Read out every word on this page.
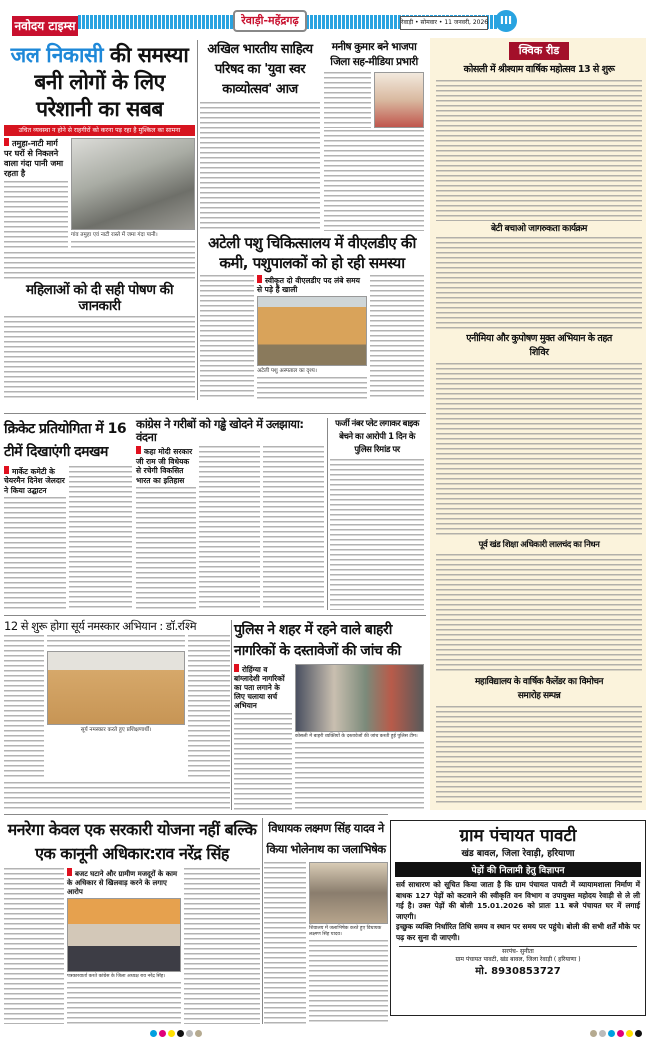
नवोदय टाइम्स	रेवाड़ी-महेंद्रगढ़	रेवाड़ी • सोमवार • 11 जनवरी, 2026	III
जल निकासी की समस्या बनी लोगों के लिए परेशानी का सबब
उचित व्यवस्था न होने से राहगीरों को करना पड़ रहा है मुश्किल का सामना
तमुहा-नाटी मार्ग पर घरों से निकलने वाला गंदा पानी जमा रहता है
गांव तमुहा एवं नाटी रास्ते में जमा गंदा पानी।
महिलाओं को दी सही पोषण की जानकारी
अखिल भारतीय साहित्य परिषद का 'युवा स्वर काव्योत्सव' आज
मनीष कुमार बने भाजपा जिला सह-मीडिया प्रभारी
अटेली पशु चिकित्सालय में वीएलडीए की कमी, पशुपालकों को हो रही समस्या
स्वीकृत दो वीएलडीए पद लंबे समय से पड़े हैं खाली
अटेली पशु अस्पताल का दृश्य।
क्रिकेट प्रतियोगिता में 16 टीमें दिखाएंगी दमखम
मार्केट कमेटी के चेयरमैन दिनेश जेलदार ने किया उद्घाटन
कांग्रेस ने गरीबों को गड्ढे खोदने में उलझाया: वंदना
कहा मोदी सरकार जी राम जी विधेयक से रचेगी विकसित भारत का इतिहास
फर्जी नंबर प्लेट लगाकर बाइक बेचने का आरोपी 1 दिन के पुलिस रिमांड पर
12 से शुरू होगा सूर्य नमस्कार अभियान : डॉ.रश्मि
सूर्य नमस्कार करते हुए प्रशिक्षणार्थी।
पुलिस ने शहर में रहने वाले बाहरी नागरिकों के दस्तावेजों की जांच की
रोहिंग्या व बांग्लादेशी नागरिकों का पता लगाने के लिए चलाया सर्च अभियान
कोसली में बाहरी व्यक्तियों के दस्तावेजों की जांच करती हुई पुलिस टीम।
मनरेगा केवल एक सरकारी योजना नहीं बल्कि एक कानूनी अधिकार:राव नरेंद्र सिंह
बजट घटाने और ग्रामीण मजदूरों के काम के अधिकार से खिलवाड़ करने के लगाए आरोप
पत्रकारवार्ता करते कांग्रेस के जिला अध्यक्ष राव नरेंद्र सिंह।
विधायक लक्ष्मण सिंह यादव ने किया भोलेनाथ का जलाभिषेक
शिवालय में जलाभिषेक करते हुए विधायक लक्ष्मण सिंह यादव।
क्विक रीड
कोसली में श्रीश्याम वार्षिक महोत्सव 13 से शुरू
बेटी बचाओ जागरुकता कार्यक्रम
एनीमिया और कुपोषण मुक्त अभियान के तहत शिविर
पूर्व खंड शिक्षा अधिकारी लालचंद का निधन
महाविद्यालय के वार्षिक कैलेंडर का विमोचन समारोह सम्पन्न
ग्राम पंचायत पावटी
खंड बावल, जिला रेवाड़ी, हरियाणा
पेड़ों की निलामी हेतु विज्ञापन
सर्व साधारण को सूचित किया जाता है कि ग्राम पंचायत पावटी में व्यायामशाला निर्माण में बाधक 127 पेड़ों को कटवाने की स्वीकृति वन विभाग व उपायुक्त महोदय रेवाड़ी से ले ली गई है। उक्त पेड़ों की बोली 15.01.2026 को प्रातः 11 बजे पंचायत घर में लगाई जाएगी।
इच्छुक व्यक्ति निर्धारित तिथि समय व स्थान पर समय पर पहुंचे। बोली की सभी शर्तें मौके पर पढ़ कर सुना दी जाएगी।
सरपंच- सुनीता
ग्राम पंचायत पावटी, खंड बावल, जिला रेवाड़ी ( हरियाणा )
मो. 8930853727
